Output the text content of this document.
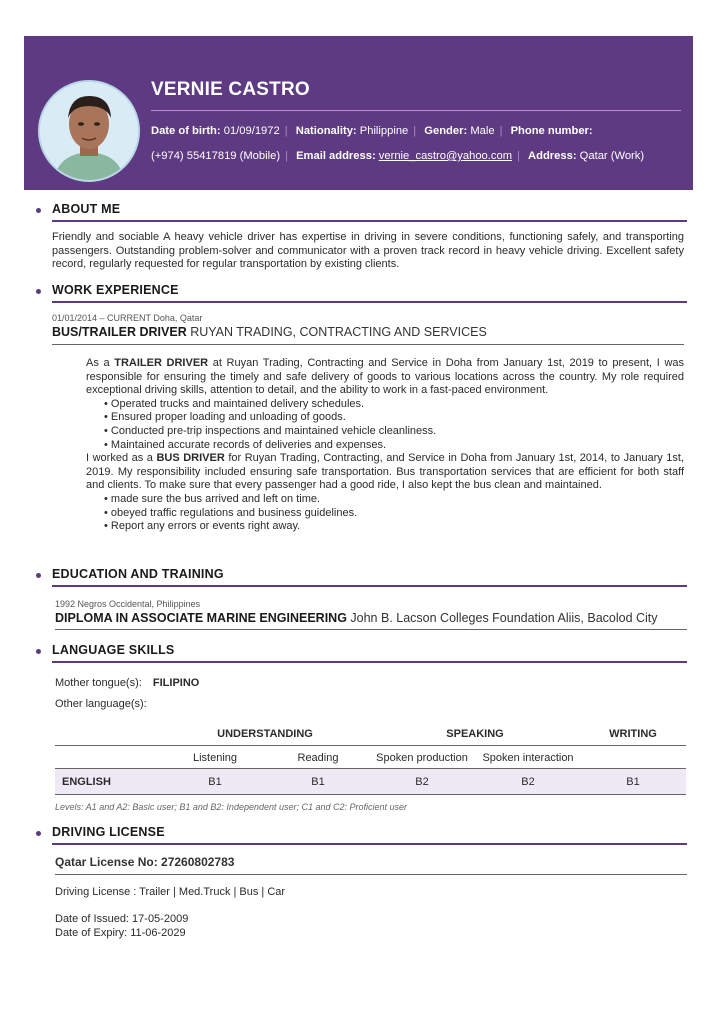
VERNIE CASTRO
Date of birth: 01/09/1972 | Nationality: Philippine | Gender: Male | Phone number:
(+974) 55417819 (Mobile) | Email address: vernie_castro@yahoo.com | Address: Qatar (Work)
ABOUT ME
Friendly and sociable A heavy vehicle driver has expertise in driving in severe conditions, functioning safely, and transporting passengers. Outstanding problem-solver and communicator with a proven track record in heavy vehicle driving. Excellent safety record, regularly requested for regular transportation by existing clients.
WORK EXPERIENCE
01/01/2014 – CURRENT Doha, Qatar
BUS/TRAILER DRIVER RUYAN TRADING, CONTRACTING AND SERVICES
As a TRAILER DRIVER at Ruyan Trading, Contracting and Service in Doha from January 1st, 2019 to present, I was responsible for ensuring the timely and safe delivery of goods to various locations across the country. My role required exceptional driving skills, attention to detail, and the ability to work in a fast-paced environment.
• Operated trucks and maintained delivery schedules.
• Ensured proper loading and unloading of goods.
• Conducted pre-trip inspections and maintained vehicle cleanliness.
• Maintained accurate records of deliveries and expenses.
I worked as a BUS DRIVER for Ruyan Trading, Contracting, and Service in Doha from January 1st, 2014, to January 1st, 2019. My responsibility included ensuring safe transportation. Bus transportation services that are efficient for both staff and clients. To make sure that every passenger had a good ride, I also kept the bus clean and maintained.
• made sure the bus arrived and left on time.
• obeyed traffic regulations and business guidelines.
• Report any errors or events right away.
EDUCATION AND TRAINING
1992 Negros Occidental, Philippines
DIPLOMA IN ASSOCIATE MARINE ENGINEERING John B. Lacson Colleges Foundation Aliis, Bacolod City
LANGUAGE SKILLS
Mother tongue(s): FILIPINO
Other language(s):
UNDERSTANDING	SPEAKING	WRITING
Listening	Reading	Spoken production	Spoken interaction
ENGLISH	B1	B1	B2	B2	B1
Levels: A1 and A2: Basic user; B1 and B2: Independent user; C1 and C2: Proficient user
DRIVING LICENSE
Qatar License No: 27260802783
Driving License : Trailer | Med.Truck | Bus | Car
Date of Issued: 17-05-2009
Date of Expiry: 11-06-2029
